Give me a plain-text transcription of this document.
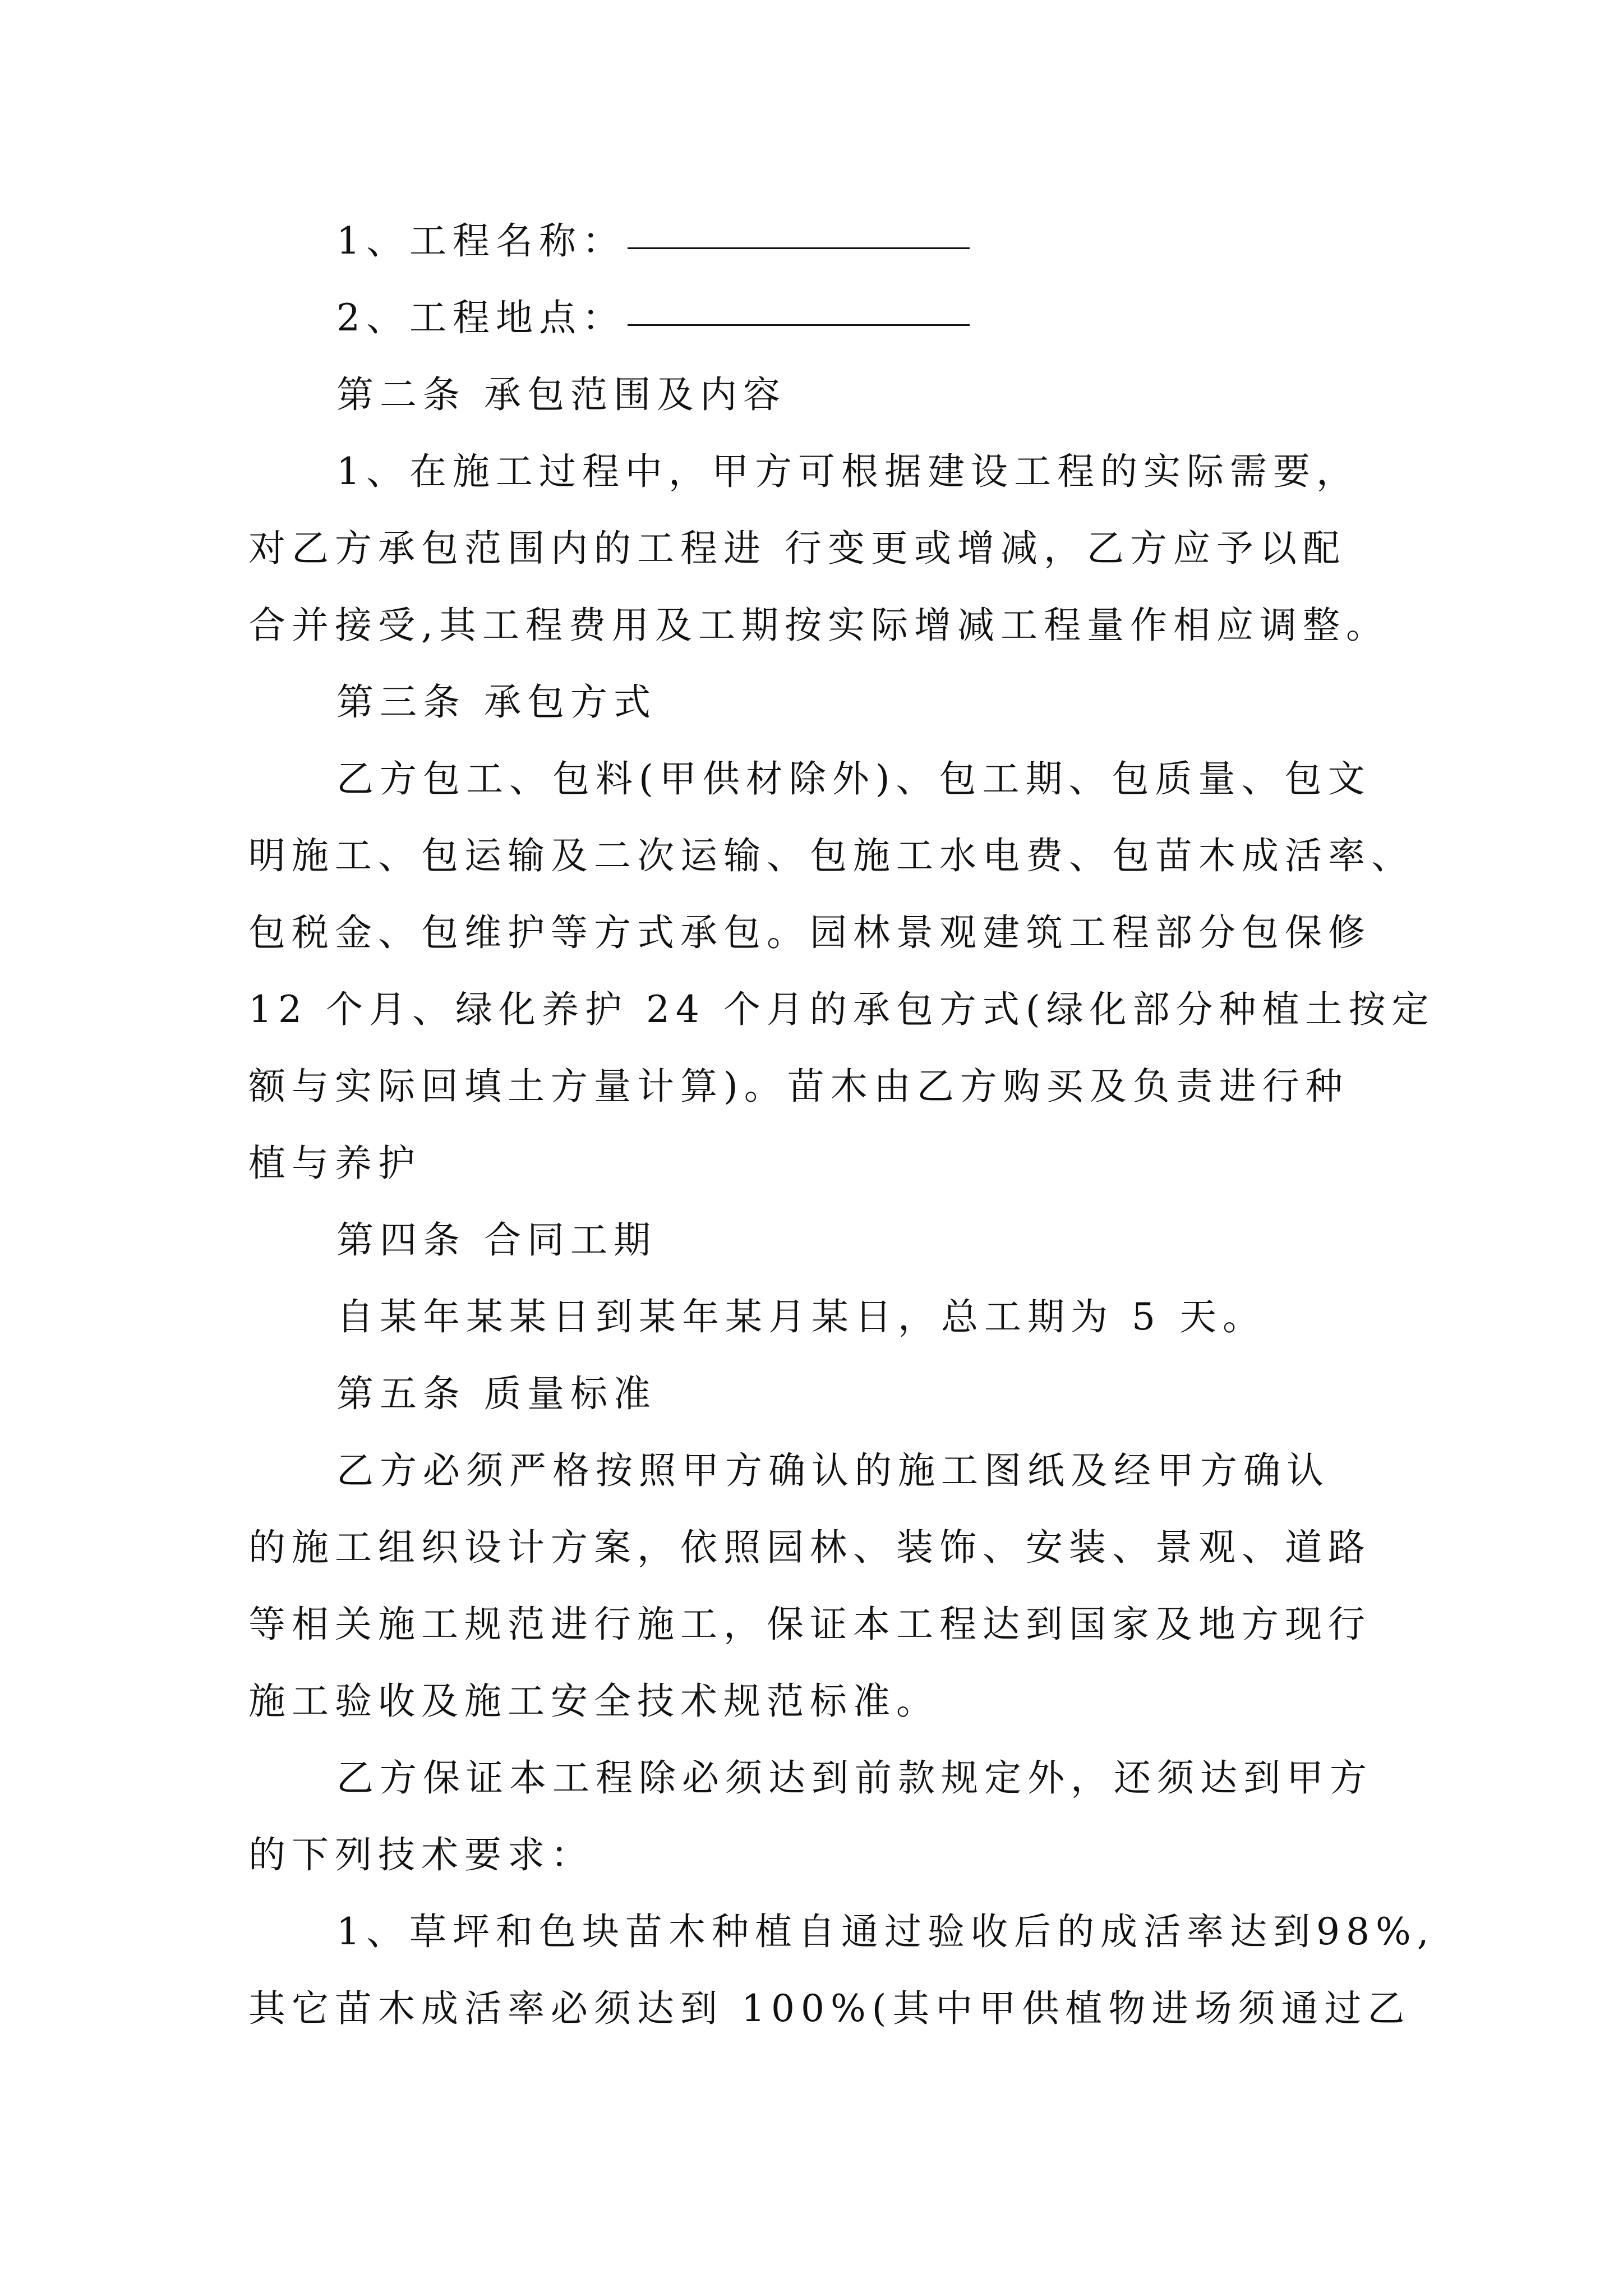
1、工程名称：
2、工程地点：
第二条 承包范围及内容
1、在施工过程中，甲方可根据建设工程的实际需要，
对乙方承包范围内的工程进 行变更或增减，乙方应予以配
合并接受,其工程费用及工期按实际增减工程量作相应调整。
第三条 承包方式
乙方包工、包料(甲供材除外)、包工期、包质量、包文
明施工、包运输及二次运输、包施工水电费、包苗木成活率、
包税金、包维护等方式承包。园林景观建筑工程部分包保修
12 个月、绿化养护 24 个月的承包方式(绿化部分种植土按定
额与实际回填土方量计算)。苗木由乙方购买及负责进行种
植与养护
第四条 合同工期
自某年某某日到某年某月某日，总工期为 5 天。
第五条 质量标准
乙方必须严格按照甲方确认的施工图纸及经甲方确认
的施工组织设计方案，依照园林、装饰、安装、景观、道路
等相关施工规范进行施工，保证本工程达到国家及地方现行
施工验收及施工安全技术规范标准。
乙方保证本工程除必须达到前款规定外，还须达到甲方
的下列技术要求：
1、草坪和色块苗木种植自通过验收后的成活率达到98%,
其它苗木成活率必须达到 100%(其中甲供植物进场须通过乙
